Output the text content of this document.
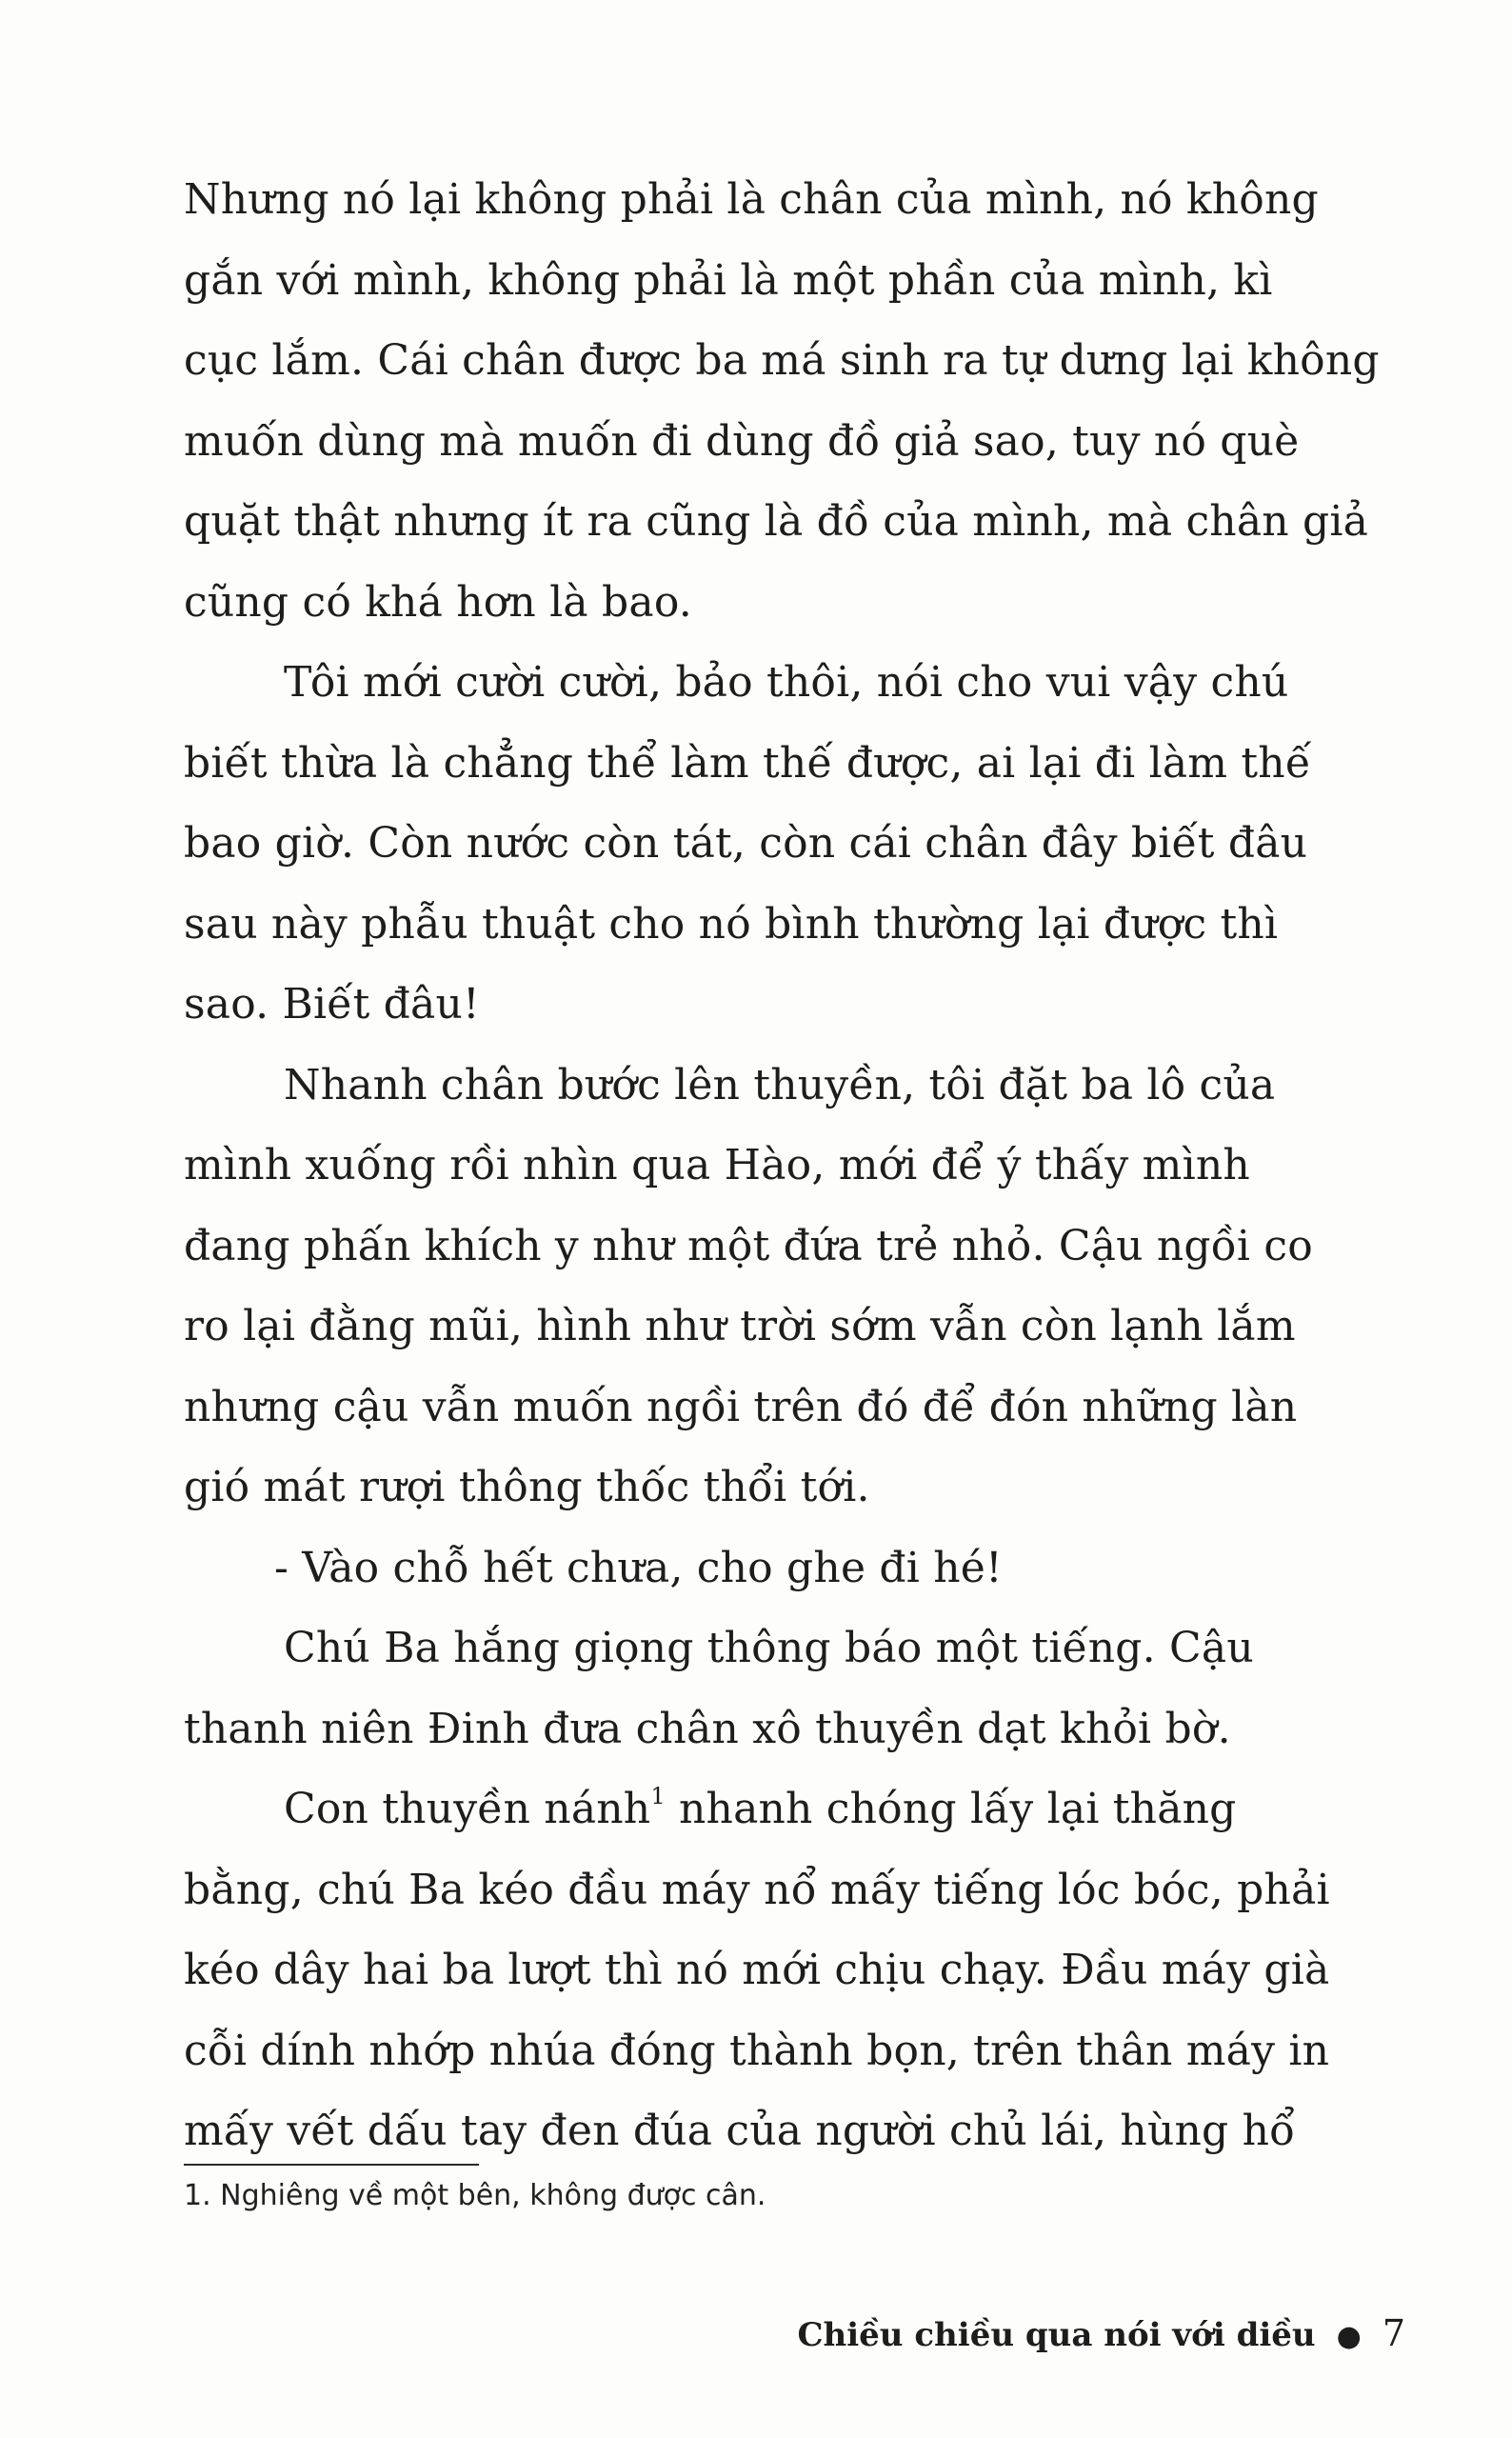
Nhưng nó lại không phải là chân của mình, nó không
gắn với mình, không phải là một phần của mình, kì
cục lắm. Cái chân được ba má sinh ra tự dưng lại không
muốn dùng mà muốn đi dùng đồ giả sao, tuy nó què
quặt thật nhưng ít ra cũng là đồ của mình, mà chân giả
cũng có khá hơn là bao.
Tôi mới cười cười, bảo thôi, nói cho vui vậy chú
biết thừa là chẳng thể làm thế được, ai lại đi làm thế
bao giờ. Còn nước còn tát, còn cái chân đây biết đâu
sau này phẫu thuật cho nó bình thường lại được thì
sao. Biết đâu!
Nhanh chân bước lên thuyền, tôi đặt ba lô của
mình xuống rồi nhìn qua Hào, mới để ý thấy mình
đang phấn khích y như một đứa trẻ nhỏ. Cậu ngồi co
ro lại đằng mũi, hình như trời sớm vẫn còn lạnh lắm
nhưng cậu vẫn muốn ngồi trên đó để đón những làn
gió mát rượi thông thốc thổi tới.
- Vào chỗ hết chưa, cho ghe đi hé!
Chú Ba hắng giọng thông báo một tiếng. Cậu
thanh niên Đinh đưa chân xô thuyền dạt khỏi bờ.
Con thuyền nánh$^1$ nhanh chóng lấy lại thăng
bằng, chú Ba kéo đầu máy nổ mấy tiếng lóc bóc, phải
kéo dây hai ba lượt thì nó mới chịu chạy. Đầu máy già
cỗi dính nhớp nhúa đóng thành bọn, trên thân máy in
mấy vết dấu tay đen đúa của người chủ lái, hùng hổ
1. Nghiêng về một bên, không được cân.
Chiều chiều qua nói với diều ● 7
